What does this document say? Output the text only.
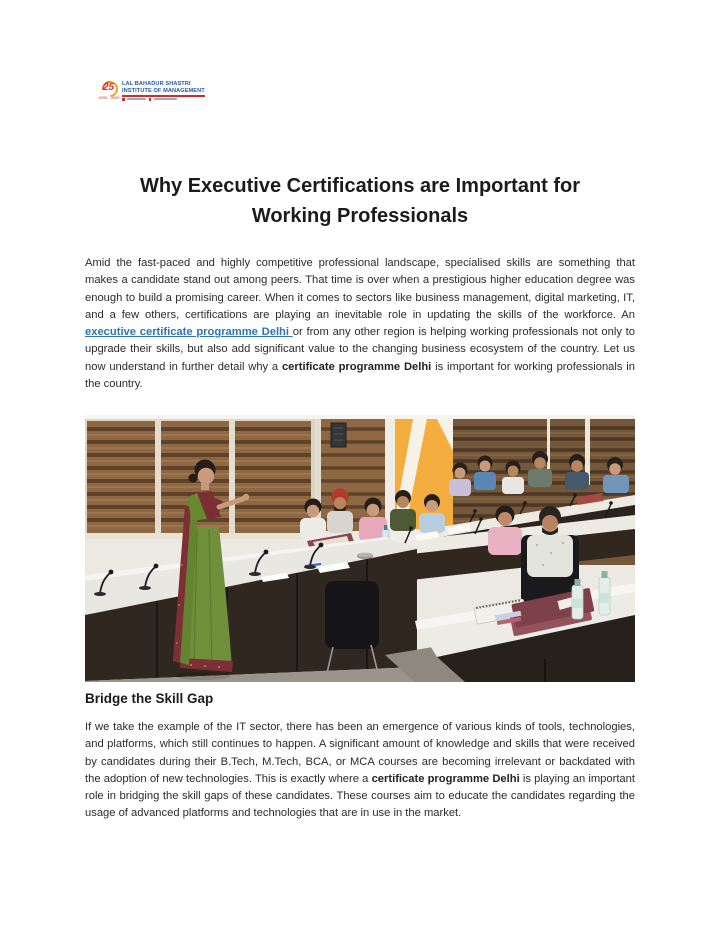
25
1995 - 2020
LAL BAHADUR SHASTRI
INSTITUTE OF MANAGEMENT
Why Executive Certifications are Important for
Working Professionals

Amid the fast-paced and highly competitive professional landscape, specialised skills are something that makes a candidate stand out among peers. That time is over when a prestigious higher education degree was enough to build a promising career. When it comes to sectors like business management, digital marketing, IT, and a few others, certifications are playing an inevitable role in updating the skills of the workforce. An executive certificate programme Delhi or from any other region is helping working professionals not only to upgrade their skills, but also add significant value to the changing business ecosystem of the country. Let us now understand in further detail why a certificate programme Delhi is important for working professionals in the country.

Bridge the Skill Gap

If we take the example of the IT sector, there has been an emergence of various kinds of tools, technologies, and platforms, which still continues to happen. A significant amount of knowledge and skills that were received by candidates during their B.Tech, M.Tech, BCA, or MCA courses are becoming irrelevant or backdated with the adoption of new technologies. This is exactly where a certificate programme Delhi is playing an important role in bridging the skill gaps of these candidates. These courses aim to educate the candidates regarding the usage of advanced platforms and technologies that are in use in the market.
